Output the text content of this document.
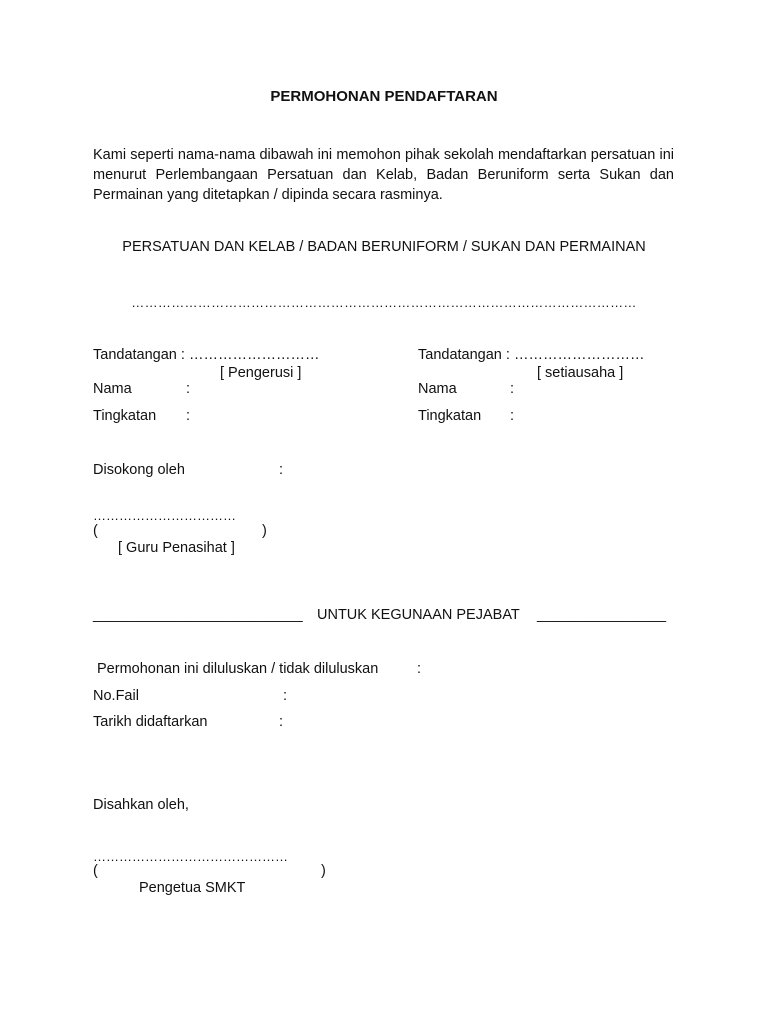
PERMOHONAN PENDAFTARAN
Kami seperti nama-nama dibawah ini memohon pihak sekolah mendaftarkan persatuan ini menurut Perlembangaan Persatuan dan Kelab, Badan Beruniform serta Sukan dan Permainan yang ditetapkan / dipinda secara rasminya.
PERSATUAN DAN KELAB / BADAN BERUNIFORM / SUKAN DAN PERMAINAN
……………………………………………………………………………………………………
Tandatangan : ………………………
[ Pengerusi ]
Nama	:
Tingkatan :
Tandatangan : ………………………
[ setiausaha ]
Nama	:
Tingkatan :
Disokong oleh	:
……………………………
(	)
[ Guru Penasihat ]
__________________________ UNTUK KEGUNAAN PEJABAT ________________
Permohonan ini diluluskan / tidak diluluskan	:
No.Fail	:
Tarikh didaftarkan	:
Disahkan oleh,
………………………………………
(	)
Pengetua SMKT
